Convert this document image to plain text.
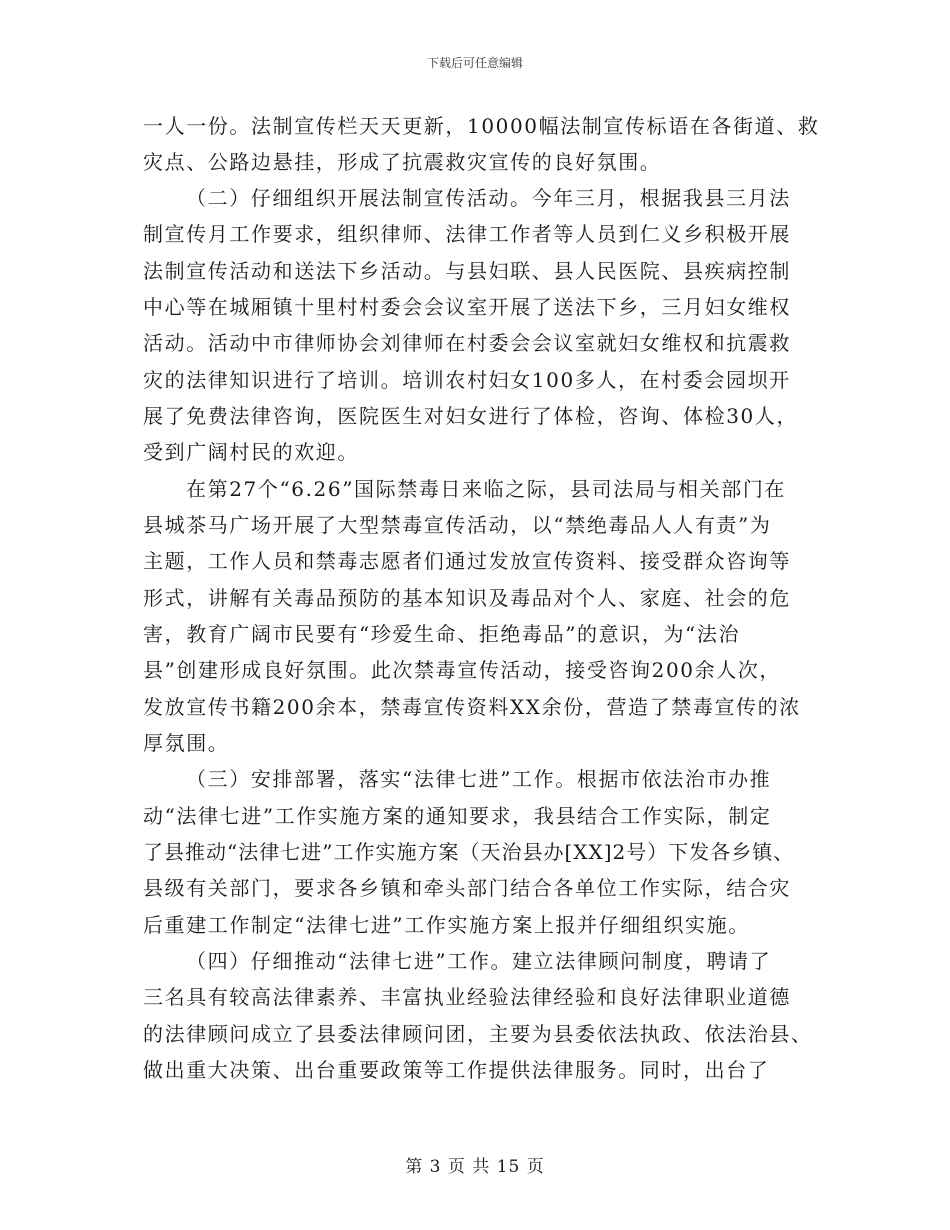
下载后可任意编辑
一人一份。法制宣传栏天天更新，10000幅法制宣传标语在各街道、救
灾点、公路边悬挂，形成了抗震救灾宣传的良好氛围。
（二）仔细组织开展法制宣传活动。今年三月，根据我县三月法
制宣传月工作要求，组织律师、法律工作者等人员到仁义乡积极开展
法制宣传活动和送法下乡活动。与县妇联、县人民医院、县疾病控制
中心等在城厢镇十里村村委会会议室开展了送法下乡，三月妇女维权
活动。活动中市律师协会刘律师在村委会会议室就妇女维权和抗震救
灾的法律知识进行了培训。培训农村妇女100多人，在村委会园坝开
展了免费法律咨询，医院医生对妇女进行了体检，咨询、体检30人，
受到广阔村民的欢迎。
在第27个“6.26”国际禁毒日来临之际，县司法局与相关部门在
县城茶马广场开展了大型禁毒宣传活动，以“禁绝毒品人人有责”为
主题，工作人员和禁毒志愿者们通过发放宣传资料、接受群众咨询等
形式，讲解有关毒品预防的基本知识及毒品对个人、家庭、社会的危
害，教育广阔市民要有“珍爱生命、拒绝毒品”的意识，为“法治
县”创建形成良好氛围。此次禁毒宣传活动，接受咨询200余人次，
发放宣传书籍200余本，禁毒宣传资料XX余份，营造了禁毒宣传的浓
厚氛围。
（三）安排部署，落实“法律七进”工作。根据市依法治市办推
动“法律七进”工作实施方案的通知要求，我县结合工作实际，制定
了县推动“法律七进”工作实施方案（天治县办[XX]2号）下发各乡镇、
县级有关部门，要求各乡镇和牵头部门结合各单位工作实际，结合灾
后重建工作制定“法律七进”工作实施方案上报并仔细组织实施。
（四）仔细推动“法律七进”工作。建立法律顾问制度，聘请了
三名具有较高法律素养、丰富执业经验法律经验和良好法律职业道德
的法律顾问成立了县委法律顾问团，主要为县委依法执政、依法治县、
做出重大决策、出台重要政策等工作提供法律服务。同时，出台了
第 3 页 共 15 页
